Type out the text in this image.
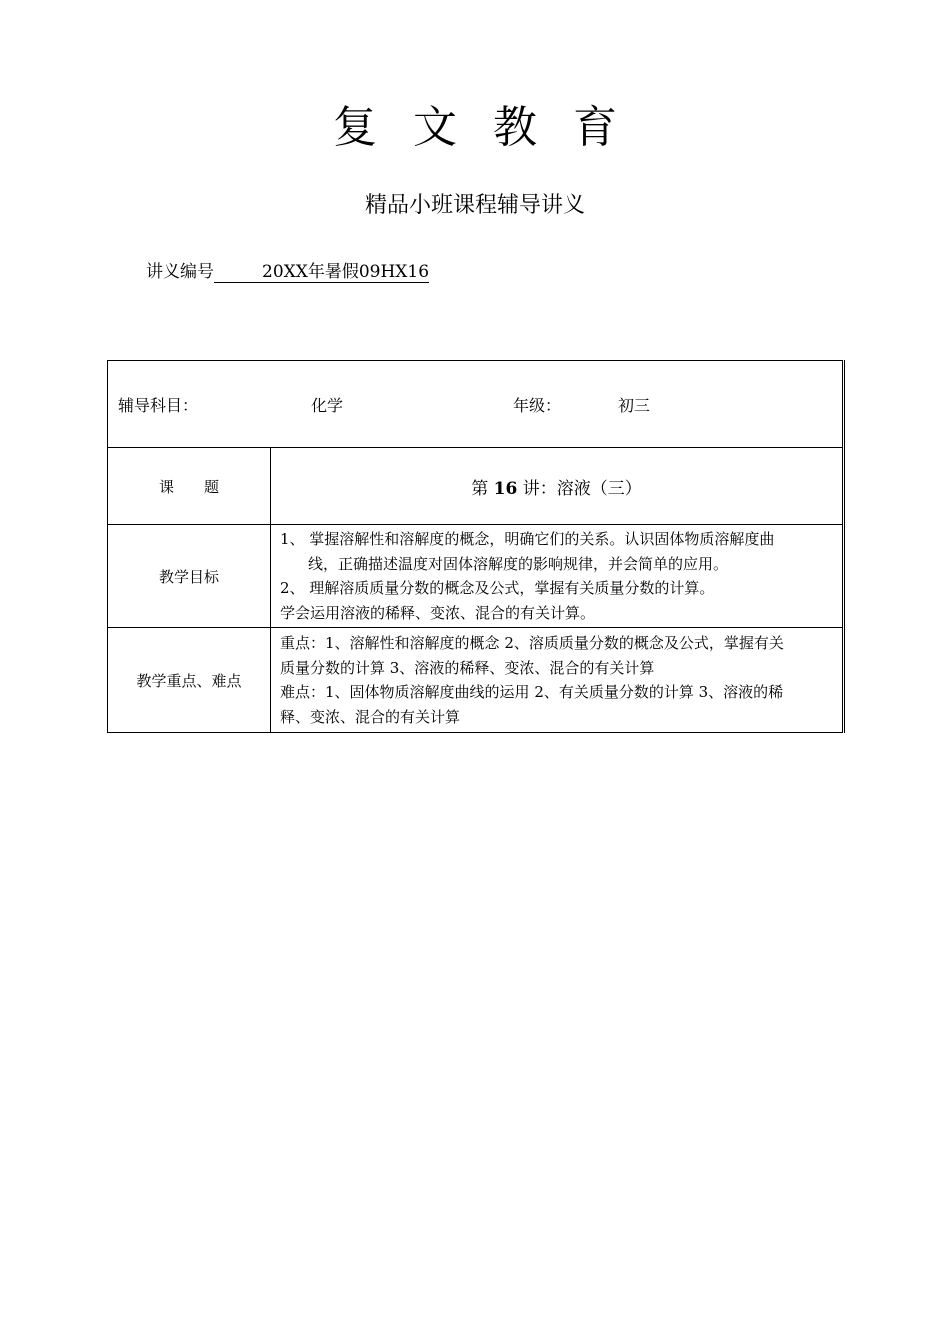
复文教育
精品小班课程辅导讲义
讲义编号	20XX年暑假09HX16
辅导科目： 化学 年级： 初三	

课　　题	第 16 讲：溶液（三）
教学目标	1、 掌握溶解性和溶解度的概念，明确它们的关系。认识固体物质溶解度曲
线，正确描述温度对固体溶解度的影响规律，并会简单的应用。
2、 理解溶质质量分数的概念及公式，掌握有关质量分数的计算。
学会运用溶液的稀释、变浓、混合的有关计算。

教学重点、难点	重点：1、溶解性和溶解度的概念 2、溶质质量分数的概念及公式，掌握有关
质量分数的计算 3、溶液的稀释、变浓、混合的有关计算
难点：1、固体物质溶解度曲线的运用 2、有关质量分数的计算 3、溶液的稀
释、变浓、混合的有关计算
